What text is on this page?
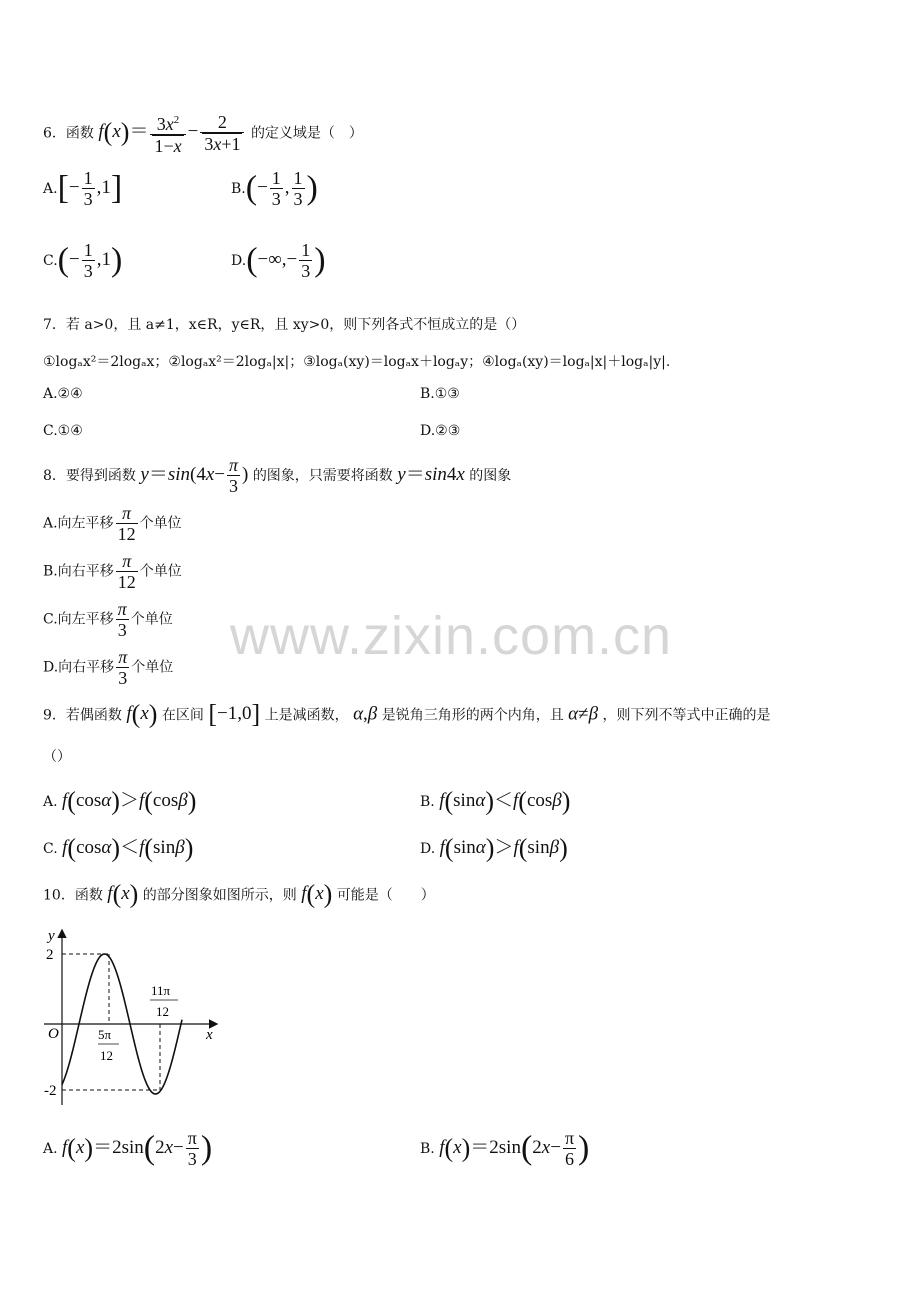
www.zixin.com.cn
6．函数 $f(x)= \frac{3x^2}{1-x} - \frac{2}{3x+1}$ 的定义域是（　）
$A.[- \frac{1}{3} ,1]$	$B.(- \frac{1}{3}$ , $\frac{1}{3}$ )
$C.(- \frac{1}{3} ,1)$	$D.(-\infty,- \frac{1}{3}$ )
7．若 a>0，且 a≠1，x∈R，y∈R，且 xy>0，则下列各式不恒成立的是（）
①logₐx²＝2logₐx；②logₐx²＝2logₐ|x|；③logₐ(xy)＝logₐx＋logₐy；④logₐ(xy)＝logₐ|x|＋logₐ|y|.
A.②④	B.①③
C.①④	D.②③
8．要得到函数 $y=\sin(4x- \frac{\pi}{3}$ ) 的图象，只需要将函数 y＝sin4x 的图象
A.向左平移 $\frac{\pi}{12}$ 个单位
B.向右平移 $\frac{\pi}{12}$ 个单位
C.向左平移 $\frac{\pi}{3}$ 个单位
D.向右平移 $\frac{\pi}{3}$ 个单位
9．若偶函数 f(x) 在区间 [−1,0] 上是减函数， α,β 是锐角三角形的两个内角，且 α≠β ，则下列不等式中正确的是
（）
A. f(cosα)＞f(cosβ)	B. f(sinα)＜f(cosβ)
C. f(cosα)＜f(sinβ)	D. f(sinα)＞f(sinβ)
10．函数 f(x) 的部分图象如图所示，则 f(x) 可能是（　　）
y
x
O
2
-2
5π
12
11π
12
A. $f(x)=2\sin(2x- \frac{\pi}{3}$ )	B. $f(x)=2\sin(2x- \frac{\pi}{6}$ )
